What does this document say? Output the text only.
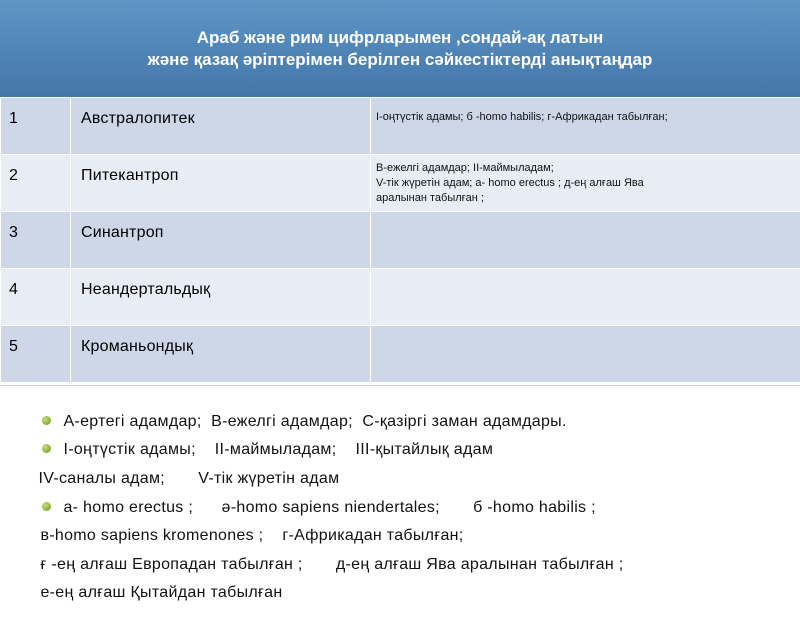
Араб және рим цифрларымен ,сондай-ақ латын
және қазақ әріптерімен берілген сәйкестіктерді анықтаңдар
1	Австралопитек	І-оңтүстік адамы; б -homo habilis; г-Африкадан табылған;

2	Питекантроп	В-ежелгі адамдар; ІІ-маймыладам;
V-тік жүретін адам; а- homo erectus ; д-ең алғаш Ява
аралынан табылған ;

3	Синантроп	

4	Неандертальдық	

5	Кроманьондық	

А-ертегі адамдар;  В-ежелгі адамдар;  С-қазіргі заман адамдары.

І-оңтүстік адамы;    ІІ-маймыладам;    ІІІ-қытайлық адам

ІV-саналы адам;       V-тік жүретін адам

а- homo erectus ;      ә-homo sapiens niendertales;       б -homo habilis ;

в-homo sapiens kromenones ;    г-Африкадан табылған;

ғ -ең алғаш Европадан табылған ;       д-ең алғаш Ява аралынан табылған ;

е-ең алғаш Қытайдан табылған
